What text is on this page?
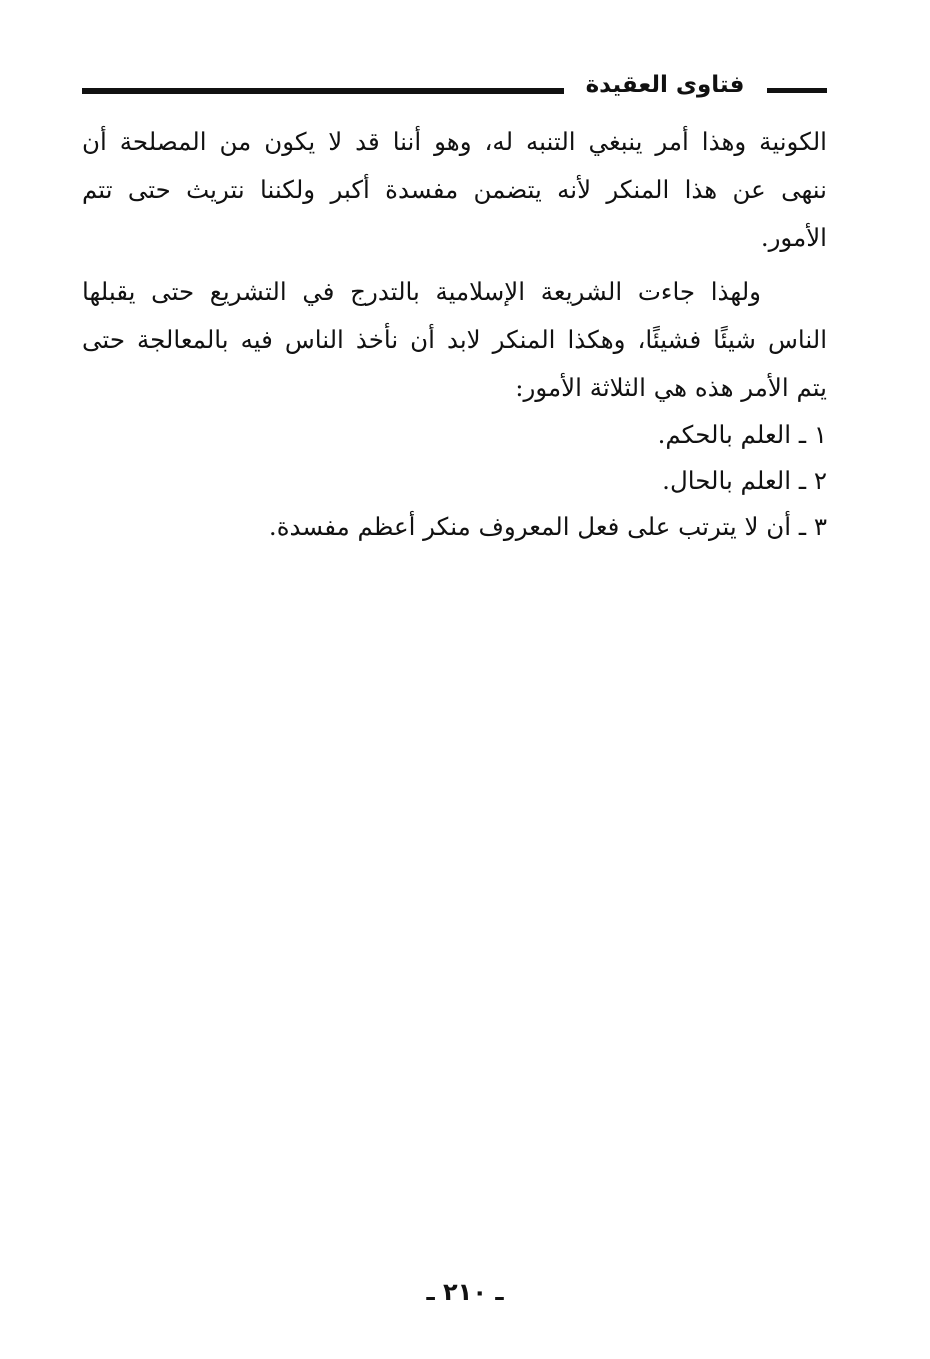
فتاوى العقيدة
الكونية وهذا أمر ينبغي التنبه له، وهو أننا قد لا يكون من المصلحة أن
ننهى عن هذا المنكر لأنه يتضمن مفسدة أكبر ولكننا نتريث حتى تتم
الأمور.
ولهذا جاءت الشريعة الإسلامية بالتدرج في التشريع حتى يقبلها
الناس شيئًا فشيئًا، وهكذا المنكر لابد أن نأخذ الناس فيه بالمعالجة حتى
يتم الأمر هذه هي الثلاثة الأمور:
١ ـ العلم بالحكم.
٢ ـ العلم بالحال.
٣ ـ أن لا يترتب على فعل المعروف منكر أعظم مفسدة.
ـ ٢١٠ ـ
